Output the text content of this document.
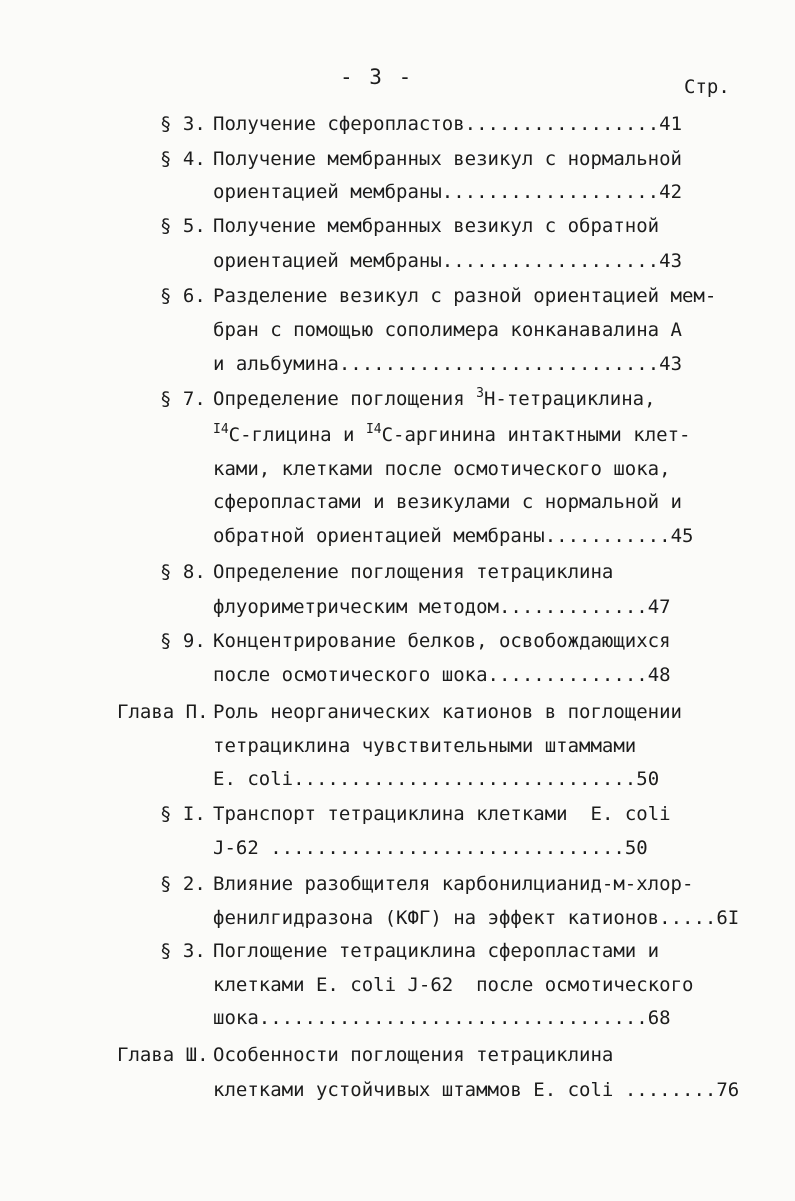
- 3 -	Стр.
§ 3. Получение сферопластов.................41
§ 4. Получение мембранных везикул с нормальной
ориентацией мембраны...................42
§ 5. Получение мембранных везикул с обратной
ориентацией мембраны...................43
§ 6. Разделение везикул с разной ориентацией мем-
бран с помощью сополимера конканавалина А
и альбумина............................43
§ 7. Определение поглощения $^3$Н-тетрациклина,
$^{I4}$С-глицина и $^{I4}$С-аргинина интактными клет-
ками, клетками после осмотического шока,
сферопластами и везикулами с нормальной и
обратной ориентацией мембраны...........45
§ 8. Определение поглощения тетрациклина
флуориметрическим методом.............47
§ 9. Концентрирование белков, освобождающихся
после осмотического шока..............48
Глава П. Роль неорганических катионов в поглощении
тетрациклина чувствительными штаммами
E. coli..............................50
§ I. Транспорт тетрациклина клетками E. coli
J-62 ...............................50
§ 2. Влияние разобщителя карбонилцианид-м-хлор-
фенилгидразона (КФГ) на эффект катионов.....6I
§ 3. Поглощение тетрациклина сферопластами и
клетками E. coli J-62 после осмотического
шока..................................68
Глава Ш. Особенности поглощения тетрациклина
клетками устойчивых штаммов E. coli ........76
